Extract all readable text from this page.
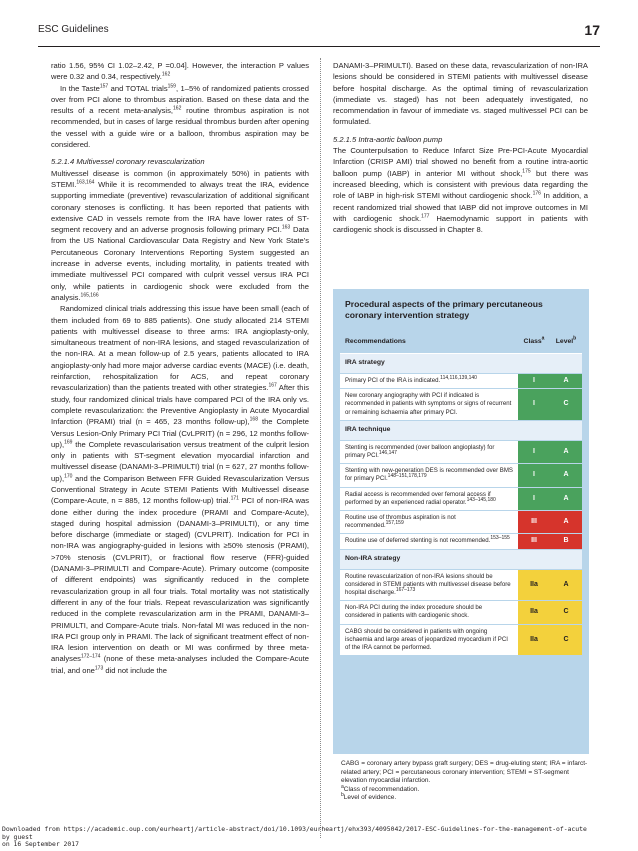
ESC Guidelines	17

ratio 1.56, 95% CI 1.02–2.42, P =0.04]. However, the interaction P values were 0.32 and 0.34, respectively.$^{162}$

In the Taste$^{157}$ and TOTAL trials$^{159}$, 1–5% of randomized patients crossed over from PCI alone to thrombus aspiration. Based on these data and the results of a recent meta-analysis,$^{162}$ routine thrombus aspiration is not recommended, but in cases of large residual thrombus burden after opening the vessel with a guide wire or a balloon, thrombus aspiration may be considered.

5.2.1.4 Multivessel coronary revascularization

Multivessel disease is common (in approximately 50%) in patients with STEMI.$^{163,164}$ While it is recommended to always treat the IRA, evidence supporting immediate (preventive) revascularization of additional significant coronary stenoses is conflicting. It has been reported that patients with extensive CAD in vessels remote from the IRA have lower rates of ST-segment recovery and an adverse prognosis following primary PCI.$^{163}$ Data from the US National Cardiovascular Data Registry and New York State's Percutaneous Coronary Interventions Reporting System suggested an increase in adverse events, including mortality, in patients treated with immediate multivessel PCI compared with culprit vessel versus IRA PCI only, while patients in cardiogenic shock were excluded from the analysis.$^{165,166}$

Randomized clinical trials addressing this issue have been small (each of them included from 69 to 885 patients). One study allocated 214 STEMI patients with multivessel disease to three arms: IRA angioplasty-only, simultaneous treatment of non-IRA lesions, and staged revascularization of the non-IRA. At a mean follow-up of 2.5 years, patients allocated to IRA angioplasty-only had more major adverse cardiac events (MACE) (i.e. death, reinfarction, rehospitalization for ACS, and repeat coronary revascularization) than the patients treated with other strategies.$^{167}$ After this study, four randomized clinical trials have compared PCI of the IRA only vs. complete revascularization: the Preventive Angioplasty in Acute Myocardial Infarction (PRAMI) trial (n = 465, 23 months follow-up),$^{168}$ the Complete Versus Lesion-Only Primary PCI Trial (CvLPRIT) (n = 296, 12 months follow-up),$^{169}$ the Complete revascularisation versus treatment of the culprit lesion only in patients with ST-segment elevation myocardial infarction and multivessel disease (DANAMI-3–PRIMULTI) trial (n = 627, 27 months follow-up),$^{170}$ and the Comparison Between FFR Guided Revascularization Versus Conventional Strategy in Acute STEMI Patients With Multivessel disease (Compare-Acute, n = 885, 12 months follow-up) trial.$^{171}$ PCI of non-IRA was done either during the index procedure (PRAMI and Compare-Acute), staged during hospital admission (DANAMI-3–PRIMULTI), or any time before discharge (immediate or staged) (CVLPRIT). Indication for PCI in non-IRA was angiography-guided in lesions with ≥50% stenosis (PRAMI), >70% stenosis (CVLPRIT), or fractional flow reserve (FFR)-guided (DANAMI-3–PRIMULTI and Compare-Acute). Primary outcome (composite of different endpoints) was significantly reduced in the complete revascularization group in all four trials. Total mortality was not statistically different in any of the four trials. Repeat revascularization was significantly reduced in the complete revascularization arm in the PRAMI, DANAMI-3–PRIMULTI, and Compare-Acute trials. Non-fatal MI was reduced in the non-IRA PCI group only in PRAMI. The lack of significant treatment effect of non-IRA lesion intervention on death or MI was confirmed by three meta-analyses$^{172-174}$ (none of these meta-analyses included the Compare-Acute trial, and one$^{173}$ did not include the

DANAMI-3–PRIMULTI). Based on these data, revascularization of non-IRA lesions should be considered in STEMI patients with multivessel disease before hospital discharge. As the optimal timing of revascularization (immediate vs. staged) has not been adequately investigated, no recommendation in favour of immediate vs. staged multivessel PCI can be formulated.

5.2.1.5 Intra-aortic balloon pump

The Counterpulsation to Reduce Infarct Size Pre-PCI-Acute Myocardial Infarction (CRISP AMI) trial showed no benefit from a routine intra-aortic balloon pump (IABP) in anterior MI without shock,$^{175}$ but there was increased bleeding, which is consistent with previous data regarding the role of IABP in high-risk STEMI without cardiogenic shock.$^{176}$ In addition, a recent randomized trial showed that IABP did not improve outcomes in MI with cardiogenic shock.$^{177}$ Haemodynamic support in patients with cardiogenic shock is discussed in Chapter 8.

Procedural aspects of the primary percutaneous coronary intervention strategy
Recommendations	Class$^a$	Level$^b$
IRA strategy		
Primary PCI of the IRA is indicated.$^{114,116,139,140}$	I	A
New coronary angiography with PCI if indicated is recommended in patients with symptoms or signs of recurrent or remaining ischaemia after primary PCI.	I	C
IRA technique		
Stenting is recommended (over balloon angioplasty) for primary PCI.$^{146,147}$	I	A
Stenting with new-generation DES is recommended over BMS for primary PCI.$^{148-151,178,179}$	I	A
Radial access is recommended over femoral access if performed by an experienced radial operator.$^{143-145,180}$	I	A
Routine use of thrombus aspiration is not recommended.$^{157,159}$	III	A
Routine use of deferred stenting is not recommended.$^{153-155}$	III	B
Non-IRA strategy		
Routine revascularization of non-IRA lesions should be considered in STEMI patients with multivessel disease before hospital discharge.$^{167-173}$	IIa	A
Non-IRA PCI during the index procedure should be considered in patients with cardiogenic shock.	IIa	C
CABG should be considered in patients with ongoing ischaemia and large areas of jeopardized myocardium if PCI of the IRA cannot be performed.	IIa	C

CABG = coronary artery bypass graft surgery; DES = drug-eluting stent; IRA = infarct-related artery; PCI = percutaneous coronary intervention; STEMI = ST-segment elevation myocardial infarction.

$^a$Class of recommendation.

$^b$Level of evidence.

Downloaded from https://academic.oup.com/eurheartj/article-abstract/doi/10.1093/eurheartj/ehx393/4095042/2017-ESC-Guidelines-for-the-management-of-acute
by guest
on 16 September 2017
